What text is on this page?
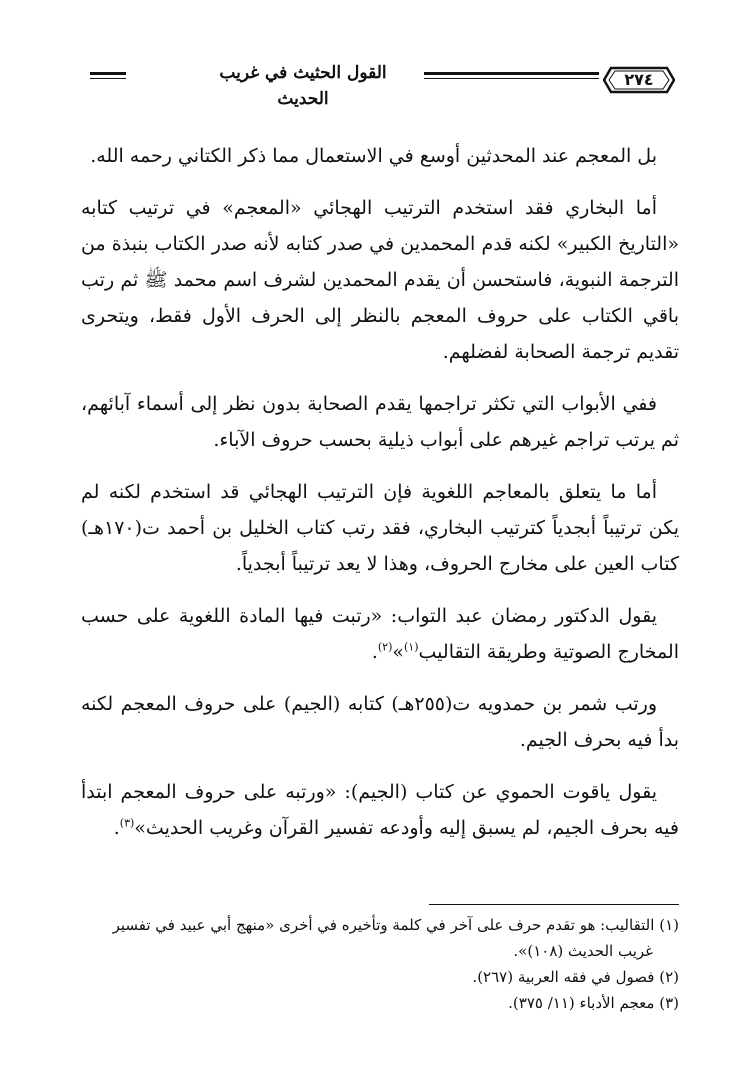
٢٧٤
القول الحثيث في غريب الحديث

بل المعجم عند المحدثين أوسع في الاستعمال مما ذكر الكتاني رحمه الله.

أما البخاري فقد استخدم الترتيب الهجائي «المعجم» في ترتيب كتابه «التاريخ الكبير» لكنه قدم المحمدين في صدر كتابه لأنه صدر الكتاب بنبذة من الترجمة النبوية، فاستحسن أن يقدم المحمدين لشرف اسم محمد ﷺ ثم رتب باقي الكتاب على حروف المعجم بالنظر إلى الحرف الأول فقط، ويتحرى تقديم ترجمة الصحابة لفضلهم.

ففي الأبواب التي تكثر تراجمها يقدم الصحابة بدون نظر إلى أسماء آبائهم، ثم يرتب تراجم غيرهم على أبواب ذيلية بحسب حروف الآباء.

أما ما يتعلق بالمعاجم اللغوية فإن الترتيب الهجائي قد استخدم لكنه لم يكن ترتيباً أبجدياً كترتيب البخاري، فقد رتب كتاب الخليل بن أحمد ت(١٧٠هـ) كتاب العين على مخارج الحروف، وهذا لا يعد ترتيباً أبجدياً.

يقول الدكتور رمضان عبد التواب: «رتبت فيها المادة اللغوية على حسب المخارج الصوتية وطريقة التقاليب$^{(١)}$»$^{(٢)}$.

ورتب شمر بن حمدويه ت(٢٥٥هـ) كتابه (الجيم) على حروف المعجم لكنه بدأ فيه بحرف الجيم.

يقول ياقوت الحموي عن كتاب (الجيم): «ورتبه على حروف المعجم ابتدأ فيه بحرف الجيم، لم يسبق إليه وأودعه تفسير القرآن وغريب الحديث»$^{(٣)}$.

(١) التقاليب: هو تقدم حرف على آخر في كلمة وتأخيره في أخرى «منهج أبي عبيد في تفسير

غريب الحديث (١٠٨)».

(٢) فصول في فقه العربية (٢٦٧).

(٣) معجم الأدباء (١١/ ٣٧٥).
